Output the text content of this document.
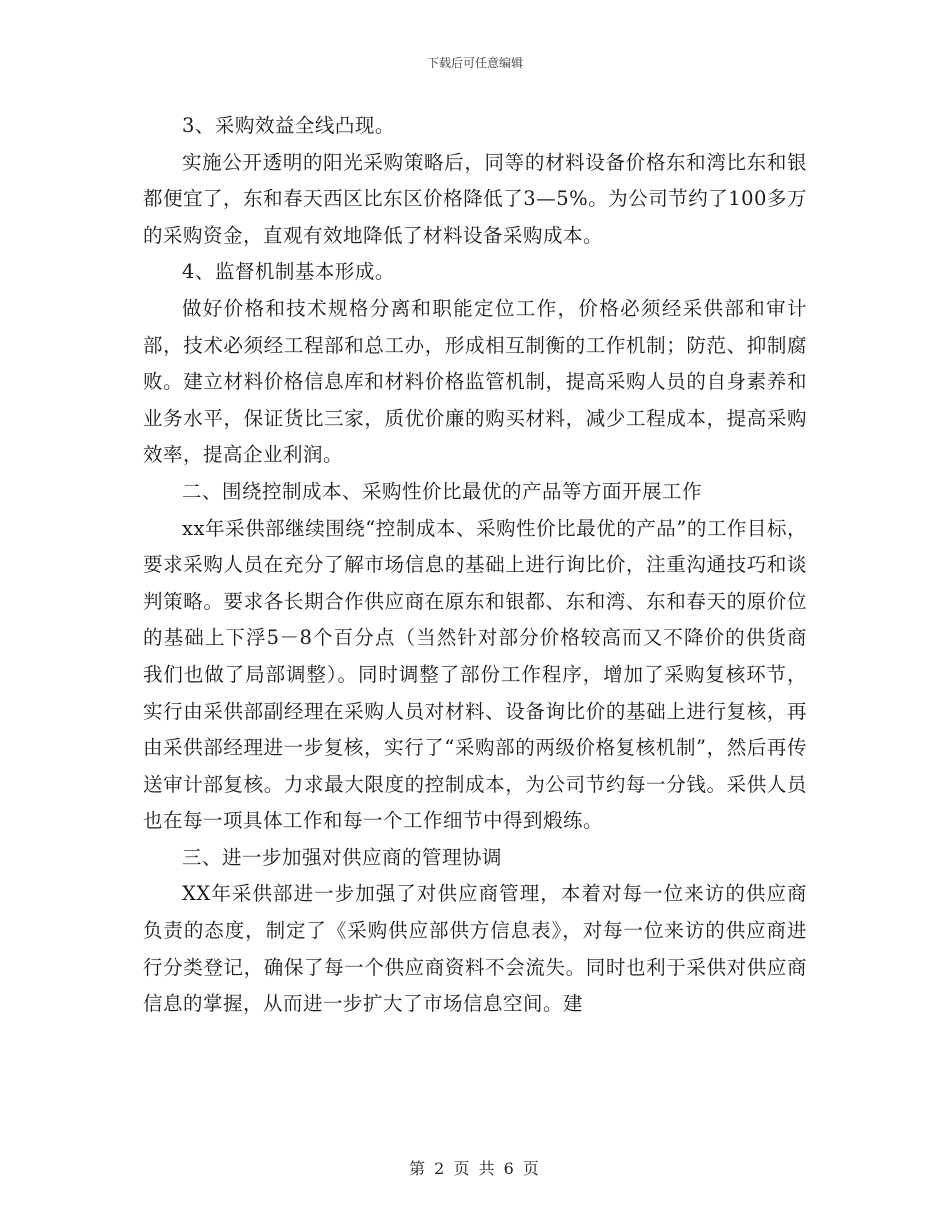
下载后可任意编辑

3、采购效益全线凸现。

实施公开透明的阳光采购策略后，同等的材料设备价格东和湾比东和银都便宜了，东和春天西区比东区价格降低了3—5%。为公司节约了100多万的采购资金，直观有效地降低了材料设备采购成本。

4、监督机制基本形成。

做好价格和技术规格分离和职能定位工作，价格必须经采供部和审计部，技术必须经工程部和总工办，形成相互制衡的工作机制；防范、抑制腐败。建立材料价格信息库和材料价格监管机制，提高采购人员的自身素养和业务水平，保证货比三家，质优价廉的购买材料，减少工程成本，提高采购效率，提高企业利润。

二、围绕控制成本、采购性价比最优的产品等方面开展工作

xx年采供部继续围绕“控制成本、采购性价比最优的产品”的工作目标，要求采购人员在充分了解市场信息的基础上进行询比价，注重沟通技巧和谈判策略。要求各长期合作供应商在原东和银都、东和湾、东和春天的原价位的基础上下浮5－8个百分点（当然针对部分价格较高而又不降价的供货商我们也做了局部调整）。同时调整了部份工作程序，增加了采购复核环节，实行由采供部副经理在采购人员对材料、设备询比价的基础上进行复核，再由采供部经理进一步复核，实行了“采购部的两级价格复核机制”，然后再传送审计部复核。力求最大限度的控制成本，为公司节约每一分钱。采供人员也在每一项具体工作和每一个工作细节中得到煅练。

三、进一步加强对供应商的管理协调

XX年采供部进一步加强了对供应商管理，本着对每一位来访的供应商负责的态度，制定了《采购供应部供方信息表》，对每一位来访的供应商进行分类登记，确保了每一个供应商资料不会流失。同时也利于采供对供应商信息的掌握，从而进一步扩大了市场信息空间。建

第 2 页 共 6 页
